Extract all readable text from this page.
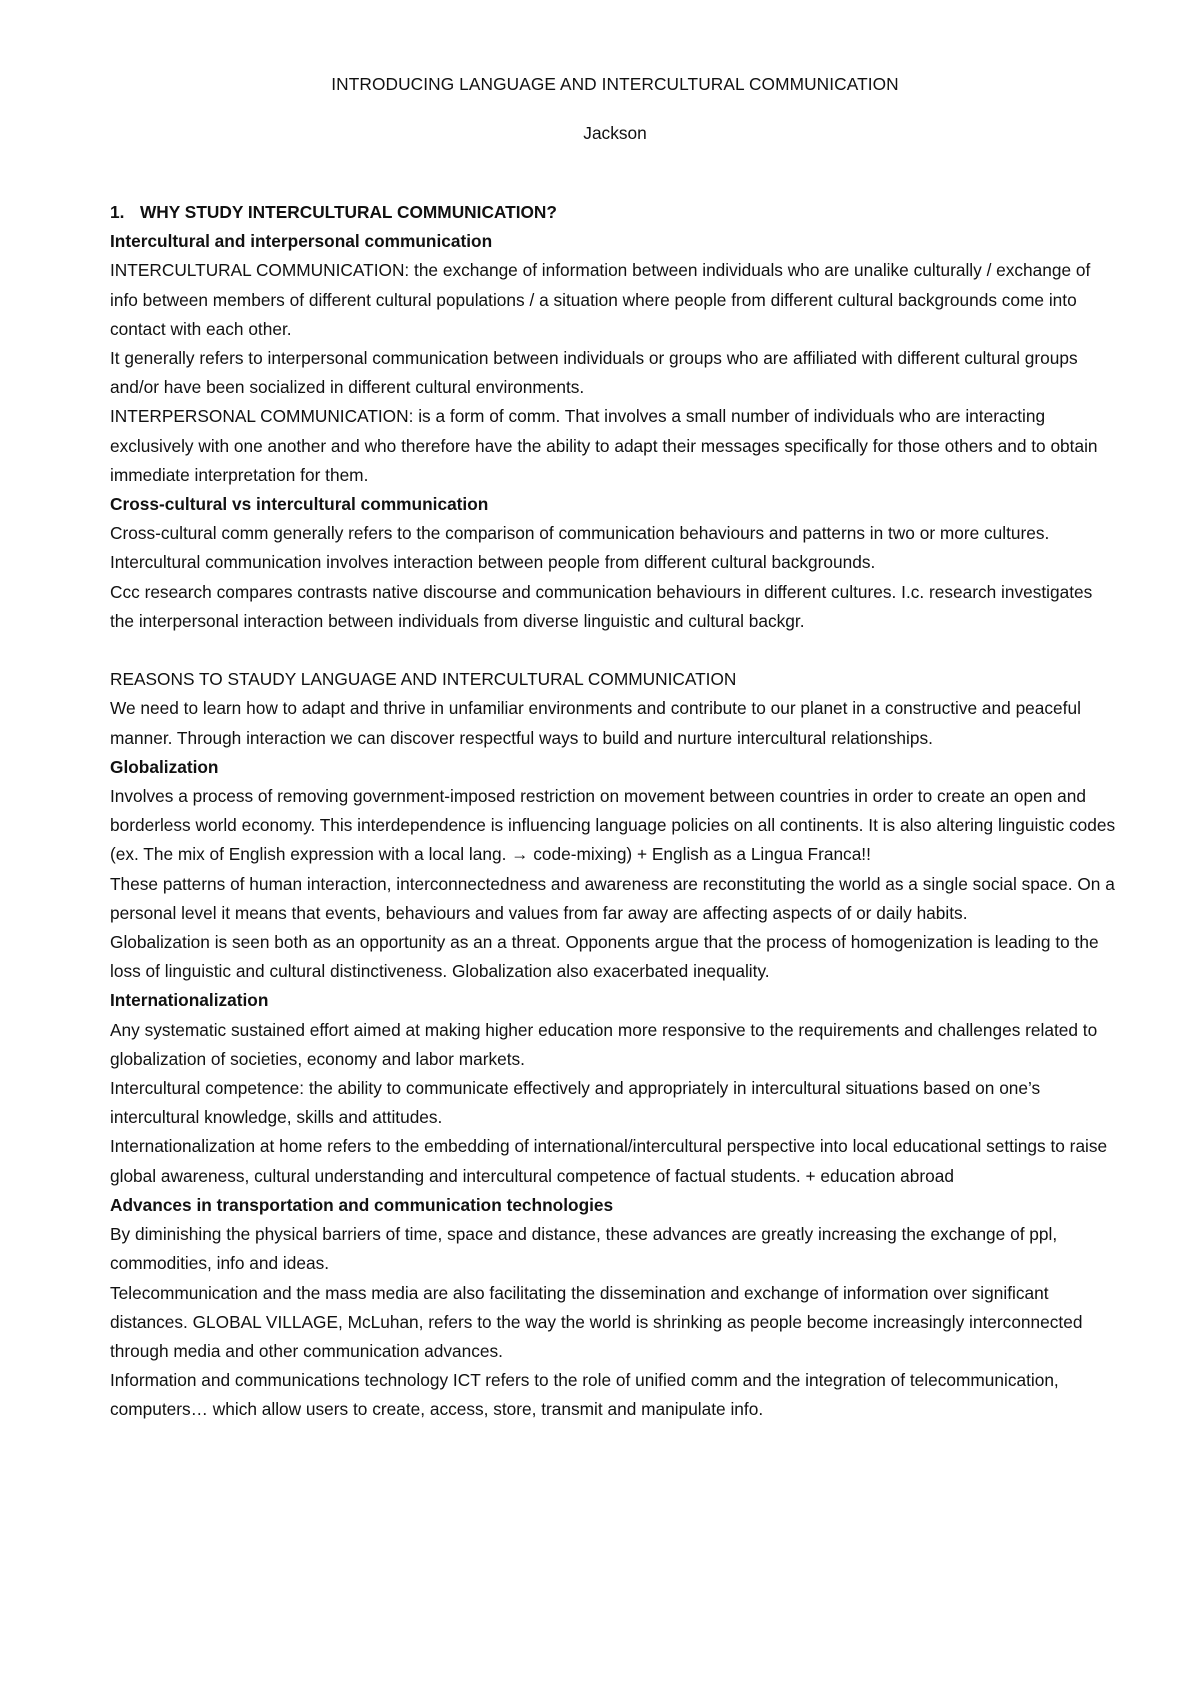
INTRODUCING LANGUAGE AND INTERCULTURAL COMMUNICATION

Jackson

1. WHY STUDY INTERCULTURAL COMMUNICATION?
Intercultural and interpersonal communication

INTERCULTURAL COMMUNICATION: the exchange of information between individuals who are unalike culturally / exchange of info between members of different cultural populations / a situation where people from different cultural backgrounds come into contact with each other.

It generally refers to interpersonal communication between individuals or groups who are affiliated with different cultural groups and/or have been socialized in different cultural environments.

INTERPERSONAL COMMUNICATION: is a form of comm. That involves a small number of individuals who are interacting exclusively with one another and who therefore have the ability to adapt their messages specifically for those others and to obtain immediate interpretation for them.

Cross-cultural vs intercultural communication

Cross-cultural comm generally refers to the comparison of communication behaviours and patterns in two or more cultures. Intercultural communication involves interaction between people from different cultural backgrounds.

Ccc research compares contrasts native discourse and communication behaviours in different cultures. I.c. research investigates the interpersonal interaction between individuals from diverse linguistic and cultural backgr.

REASONS TO STAUDY LANGUAGE AND INTERCULTURAL COMMUNICATION

We need to learn how to adapt and thrive in unfamiliar environments and contribute to our planet in a constructive and peaceful manner. Through interaction we can discover respectful ways to build and nurture intercultural relationships.

Globalization

Involves a process of removing government-imposed restriction on movement between countries in order to create an open and borderless world economy. This interdependence is influencing language policies on all continents. It is also altering linguistic codes (ex. The mix of English expression with a local lang. → code-mixing) + English as a Lingua Franca!!

These patterns of human interaction, interconnectedness and awareness are reconstituting the world as a single social space. On a personal level it means that events, behaviours and values from far away are affecting aspects of or daily habits.

Globalization is seen both as an opportunity as an a threat. Opponents argue that the process of homogenization is leading to the loss of linguistic and cultural distinctiveness. Globalization also exacerbated inequality.

Internationalization

Any systematic sustained effort aimed at making higher education more responsive to the requirements and challenges related to globalization of societies, economy and labor markets.

Intercultural competence: the ability to communicate effectively and appropriately in intercultural situations based on one’s intercultural knowledge, skills and attitudes.

Internationalization at home refers to the embedding of international/intercultural perspective into local educational settings to raise global awareness, cultural understanding and intercultural competence of factual students. + education abroad

Advances in transportation and communication technologies

By diminishing the physical barriers of time, space and distance, these advances are greatly increasing the exchange of ppl, commodities, info and ideas.

Telecommunication and the mass media are also facilitating the dissemination and exchange of information over significant distances. GLOBAL VILLAGE, McLuhan, refers to the way the world is shrinking as people become increasingly interconnected through media and other communication advances.

Information and communications technology ICT refers to the role of unified comm and the integration of telecommunication, computers… which allow users to create, access, store, transmit and manipulate info.
